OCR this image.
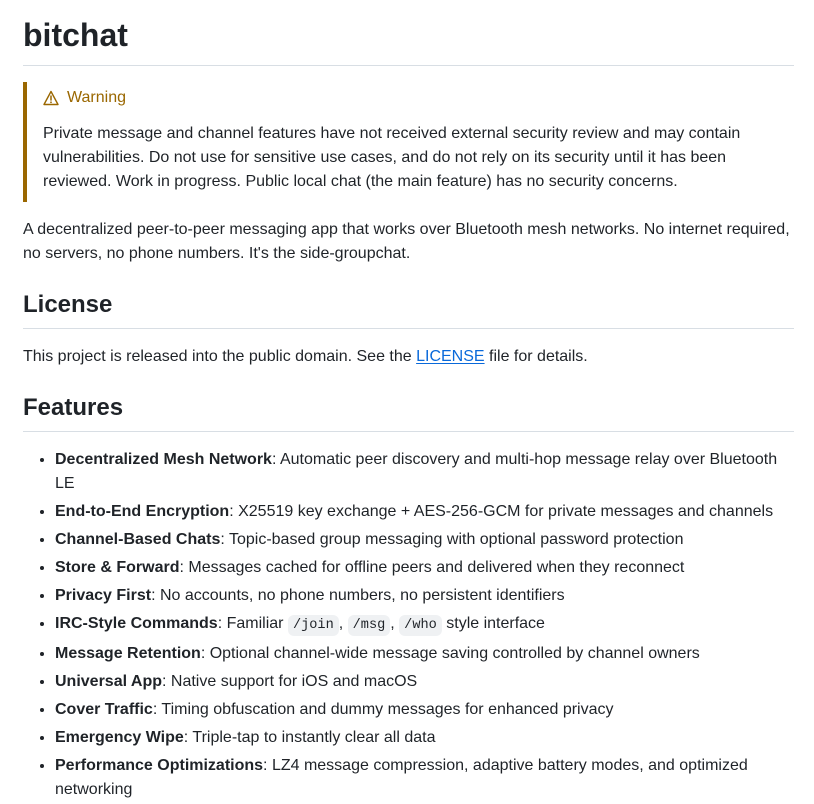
bitchat
Warning

Private message and channel features have not received external security review and may contain vulnerabilities. Do not use for sensitive use cases, and do not rely on its security until it has been reviewed. Work in progress. Public local chat (the main feature) has no security concerns.

A decentralized peer-to-peer messaging app that works over Bluetooth mesh networks. No internet required, no servers, no phone numbers. It's the side-groupchat.

License

This project is released into the public domain. See the LICENSE file for details.

Features
• Decentralized Mesh Network: Automatic peer discovery and multi-hop message relay over Bluetooth LE
• End-to-End Encryption: X25519 key exchange + AES-256-GCM for private messages and channels
• Channel-Based Chats: Topic-based group messaging with optional password protection
• Store & Forward: Messages cached for offline peers and delivered when they reconnect
• Privacy First: No accounts, no phone numbers, no persistent identifiers
• IRC-Style Commands: Familiar /join , /msg , /who style interface
• Message Retention: Optional channel-wide message saving controlled by channel owners
• Universal App: Native support for iOS and macOS
• Cover Traffic: Timing obfuscation and dummy messages for enhanced privacy
• Emergency Wipe: Triple-tap to instantly clear all data
• Performance Optimizations: LZ4 message compression, adaptive battery modes, and optimized networking
